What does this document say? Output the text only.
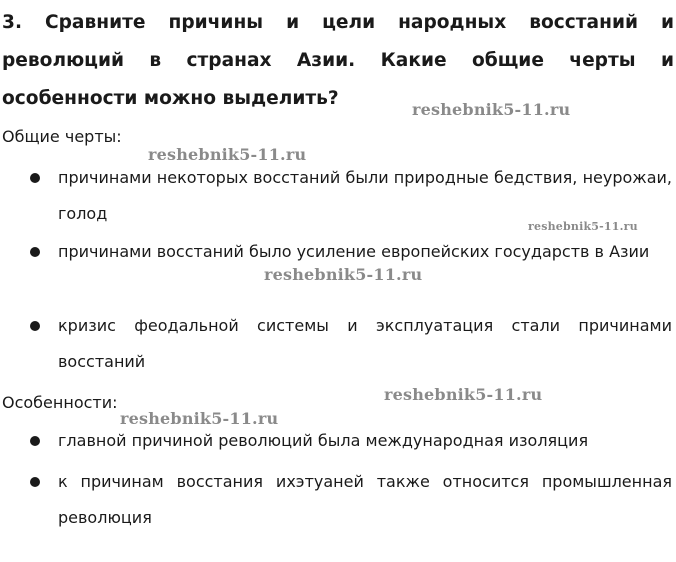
3. Сравните причины и цели народных восстаний и революций в странах Азии. Какие общие черты и особенности можно выделить?

Общие черты:

причинами некоторых восстаний были природные бедствия, неурожаи, голод
причинами восстаний было усиление европейских государств в Азии
кризис феодальной системы и эксплуатация стали причинами восстаний

Особенности:

главной причиной революций была международная изоляция
к причинам восстания ихэтуаней также относится промышленная революция
reshebnik5-11.ru
reshebnik5-11.ru
reshebnik5-11.ru
reshebnik5-11.ru
reshebnik5-11.ru
reshebnik5-11.ru
